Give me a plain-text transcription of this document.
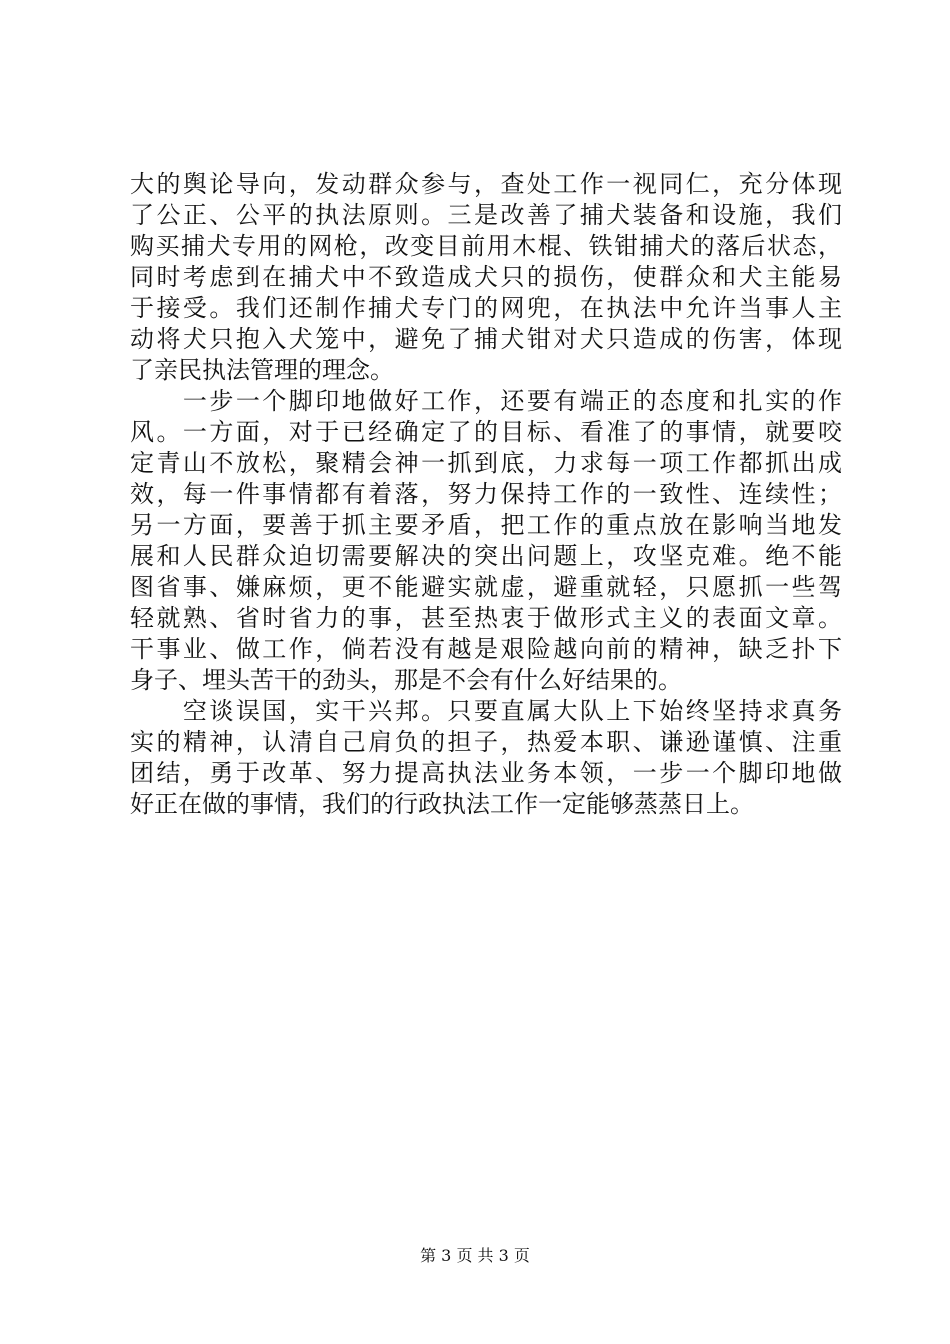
大的舆论导向，发动群众参与，查处工作一视同仁，充分体现
了公正、公平的执法原则。三是改善了捕犬装备和设施，我们
购买捕犬专用的网枪，改变目前用木棍、铁钳捕犬的落后状态，
同时考虑到在捕犬中不致造成犬只的损伤，使群众和犬主能易
于接受。我们还制作捕犬专门的网兜，在执法中允许当事人主
动将犬只抱入犬笼中，避免了捕犬钳对犬只造成的伤害，体现
了亲民执法管理的理念。
　　一步一个脚印地做好工作，还要有端正的态度和扎实的作
风。一方面，对于已经确定了的目标、看准了的事情，就要咬
定青山不放松，聚精会神一抓到底，力求每一项工作都抓出成
效，每一件事情都有着落，努力保持工作的一致性、连续性；
另一方面，要善于抓主要矛盾，把工作的重点放在影响当地发
展和人民群众迫切需要解决的突出问题上，攻坚克难。绝不能
图省事、嫌麻烦，更不能避实就虚，避重就轻，只愿抓一些驾
轻就熟、省时省力的事，甚至热衷于做形式主义的表面文章。
干事业、做工作，倘若没有越是艰险越向前的精神，缺乏扑下
身子、埋头苦干的劲头，那是不会有什么好结果的。
　　空谈误国，实干兴邦。只要直属大队上下始终坚持求真务
实的精神，认清自己肩负的担子，热爱本职、谦逊谨慎、注重
团结，勇于改革、努力提高执法业务本领，一步一个脚印地做
好正在做的事情，我们的行政执法工作一定能够蒸蒸日上。
第 3 页 共 3 页
